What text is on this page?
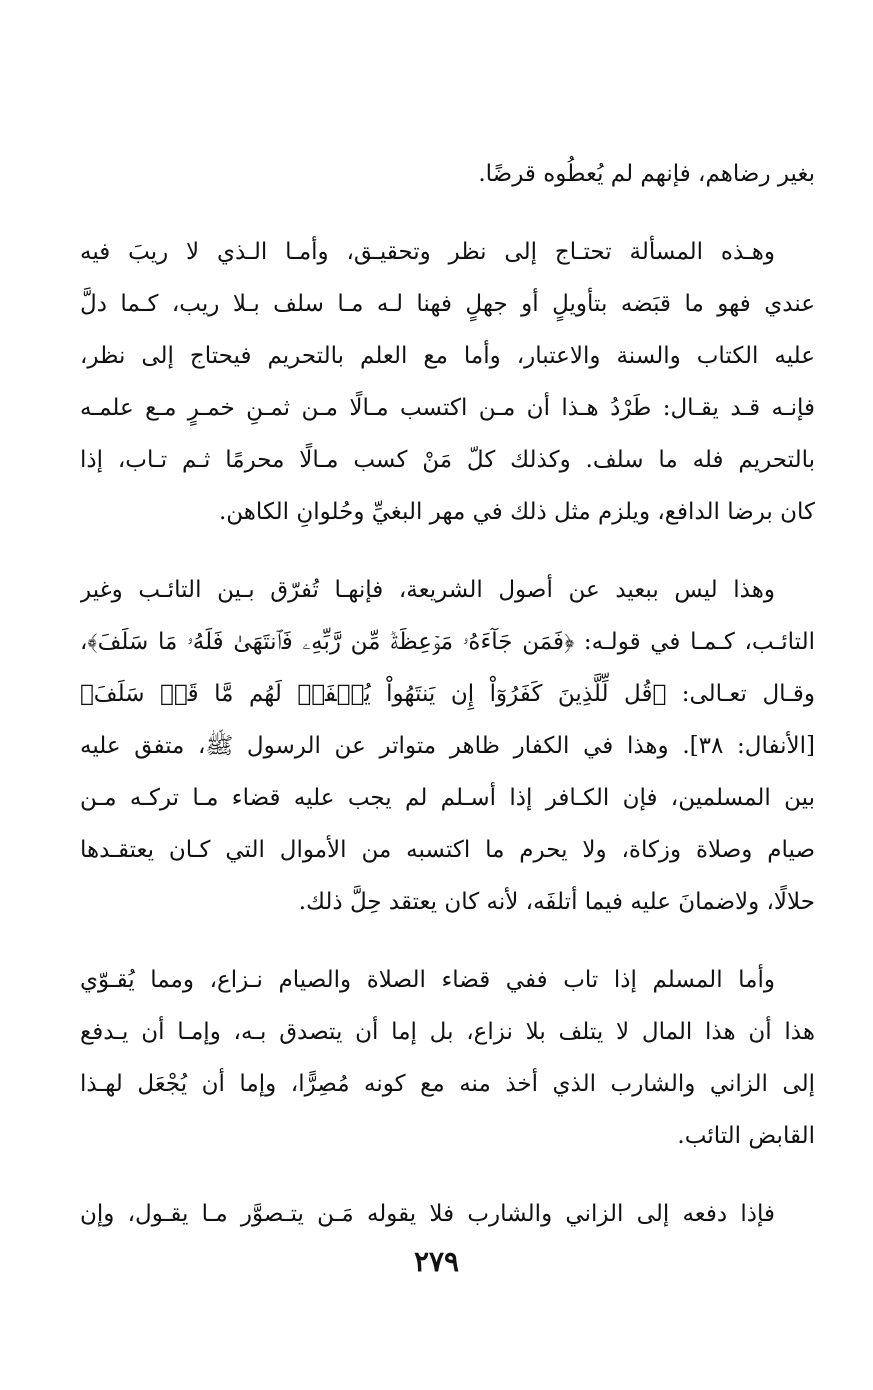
بغير رضاهم، فإنهم لم يُعطُوه قرضًا.

وهـذه المسألة تحتـاج إلى نظر وتحقيـق، وأمـا الـذي لا ريبَ فيه
عندي فهو ما قبَضه بتأويلٍ أو جهلٍ فهنا لـه مـا سلف بـلا ريب، كـما دلَّ
عليه الكتاب والسنة والاعتبار، وأما مع العلم بالتحريم فيحتاج إلى نظر،
فإنـه قـد يقـال: طَرْدُ هـذا أن مـن اكتسب مـالًا مـن ثمـنِ خمـرٍ مـع علمـه
بالتحريم فله ما سلف. وكذلك كلّ مَنْ كسب مـالًا محرمًا ثـم تـاب، إذا
كان برضا الدافع، ويلزم مثل ذلك في مهر البغيِّ وحُلوانِ الكاهن.

وهذا ليس ببعيد عن أصول الشريعة، فإنهـا تُفرّق بـين التائـب وغير
التائـب، كـمـا في قولـه: ﴿فَمَن جَآءَهُۥ مَوۡعِظَةٞ مِّن رَّبِّهِۦ فَٱنتَهَىٰ فَلَهُۥ مَا سَلَفَ﴾،
وقـال تعـالى: ﴿قُل لِّلَّذِينَ كَفَرُوٓاْ إِن يَنتَهُواْ يُغۡفَرۡ لَهُم مَّا قَدۡ سَلَفَ﴾
[الأنفال: ٣٨]. وهذا في الكفار ظاهر متواتر عن الرسول ﷺ، متفق عليه
بين المسلمين، فإن الكـافر إذا أسـلم لم يجب عليه قضاء مـا تركـه مـن
صيام وصلاة وزكاة، ولا يحرم ما اكتسبه من الأموال التي كـان يعتقـدها
حلالًا، ولاضمانَ عليه فيما أتلفَه، لأنه كان يعتقد حِلَّ ذلك.

وأما المسلم إذا تاب ففي قضاء الصلاة والصيام نـزاع، ومما يُقـوّي
هذا أن هذا المال لا يتلف بلا نزاع، بل إما أن يتصدق بـه، وإمـا أن يـدفع
إلى الزاني والشارب الذي أخذ منه مع كونه مُصِرًّا، وإما أن يُجْعَل لهـذا
القابض التائب.

فإذا دفعه إلى الزاني والشارب فلا يقوله مَـن يتـصوَّر مـا يقـول، وإن

٢٧٩
